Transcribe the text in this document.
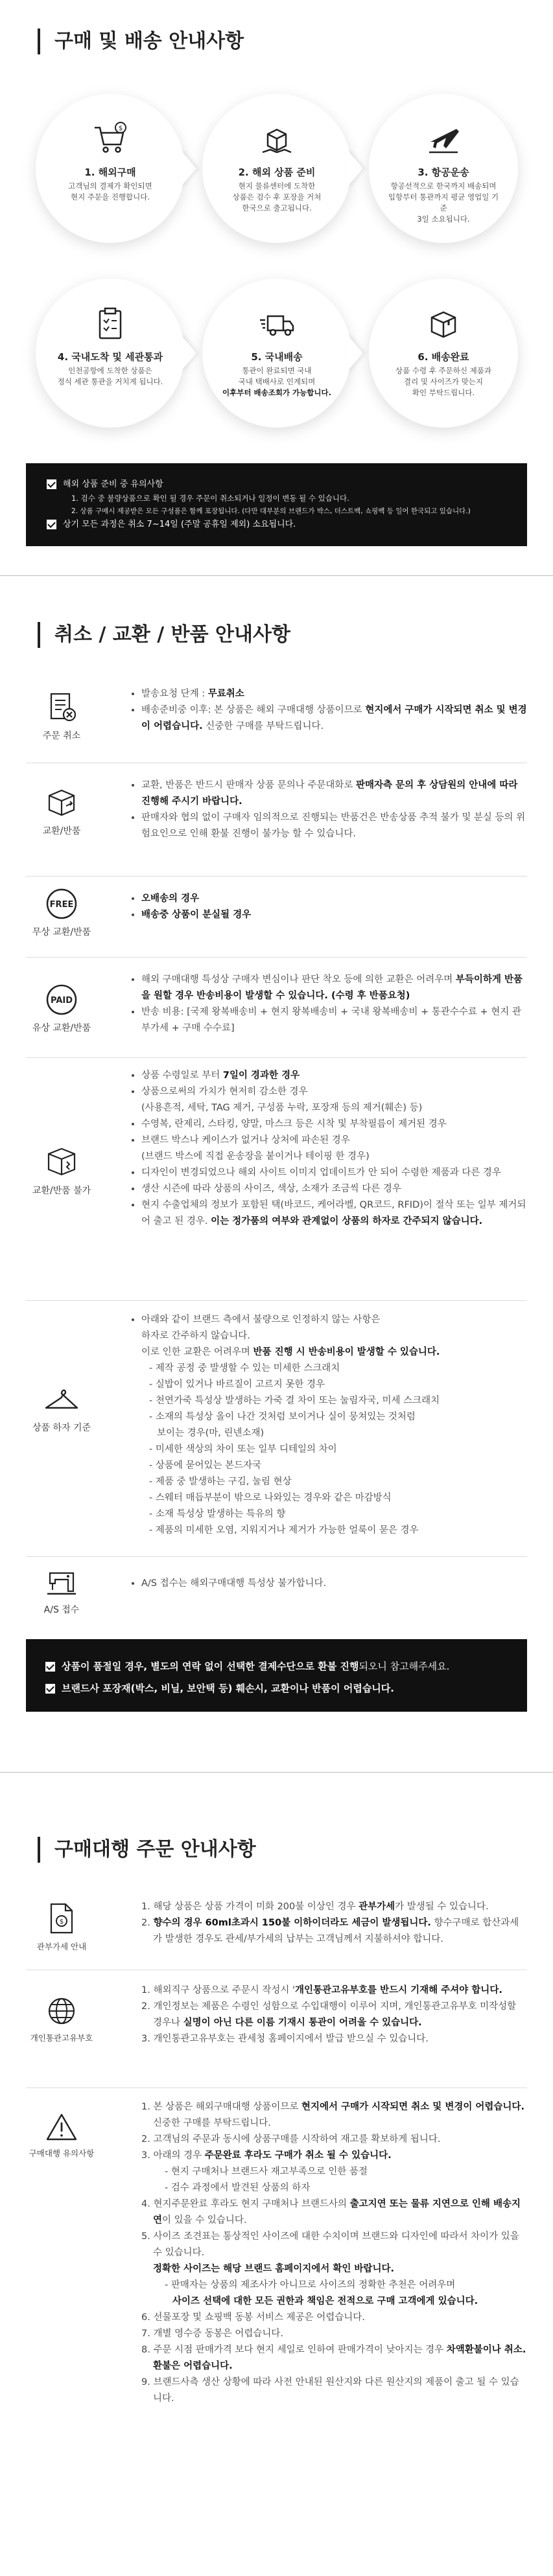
구매 및 배송 안내사항
$
1. 해외구매
고객님의 결제가 확인되면
현지 주문을 진행합니다.
2. 해외 상품 준비
현지 물류센터에 도착한
상품은 검수 후 포장을 거쳐
한국으로 출고됩니다.
3. 항공운송
항공선적으로 한국까지 배송되며
입항부터 통관까지 평균 영업일 기준
3일 소요됩니다.
4. 국내도착 및 세관통과
인천공항에 도착한 상품은
정식 세관 통관을 거치게 됩니다.
5. 국내배송
통관이 완료되면 국내
국내 택배사로 인계되며
이후부터 배송조회가 가능합니다.
6. 배송완료
상품 수령 후 주문하신 제품과
결리 및 사이즈가 맞는지
확인 부탁드립니다.
해외 상품 준비 중 유의사항
1. 검수 중 불량상품으로 확인 될 경우 주문이 취소되거나 일정이 변동 될 수 있습니다.
2. 상품 구매시 제공받은 모든 구성품은 함께 포장됩니다. (다만 대부분의 브랜드가 박스, 더스트백, 쇼핑백 등 일어 한국되고 있습니다.)
상기 모든 과정은 취소 7~14일 (주말 공휴일 제외) 소요됩니다.
취소 / 교환 / 반품 안내사항
주문 취소
• 발송요청 단계 : 무료취소
• 배송준비중 이후: 본 상품은 해외 구매대행 상품이므로 현지에서 구매가 시작되면 취소 및 변경이 어렵습니다. 신중한 구매를 부탁드립니다.
교환/반품
• 교환, 반품은 반드시 판매자 상품 문의나 주문대화로 판매자측 문의 후 상담원의 안내에 따라 진행해 주시기 바랍니다.
• 판매자와 협의 없이 구매자 임의적으로 진행되는 반품건은 반송상품 추적 불가 및 분실 등의 위험요인으로 인해 환불 진행이 불가능 할 수 있습니다.
FREE
무상 교환/반품
• 오배송의 경우
• 배송중 상품이 분실될 경우
PAID
유상 교환/반품
• 해외 구매대행 특성상 구매자 변심이나 판단 착오 등에 의한 교환은 어려우며 부득이하게 반품을 원할 경우 반송비용이 발생할 수 있습니다. (수령 후 반품요청)
• 반송 비용: [국제 왕복배송비 + 현지 왕복배송비 + 국내 왕복배송비 + 통관수수료 + 현지 관부가세 + 구매 수수료]
교환/반품 불가
• 상품 수령일로 부터 7일이 경과한 경우
• 상품으로써의 가치가 현저히 감소한 경우
(사용흔적, 세탁, TAG 제거, 구성품 누락, 포장재 등의 제거(훼손) 등)
• 수영복, 란제리, 스타킹, 양말, 마스크 등은 시착 및 부착필름이 제거된 경우
• 브랜드 박스나 케이스가 없거나 상처에 파손된 경우
(브랜드 박스에 직접 운송장을 붙이거나 테이핑 한 경우)
• 디자인이 변경되었으나 해외 사이트 이미지 업데이트가 안 되어 수령한 제품과 다른 경우
• 생산 시즌에 따라 상품의 사이즈, 색상, 소재가 조금씩 다른 경우
• 현지 수출업체의 정보가 포함된 택(바코드, 케어라벨, QR코드, RFID)이 절삭 또는 일부 제거되어 출고 된 경우. 이는 정가품의 여부와 관계없이 상품의 하자로 간주되지 않습니다.
상품 하자 기준
• 아래와 같이 브랜드 측에서 불량으로 인정하지 않는 사항은
하자로 간주하지 않습니다.
이로 인한 교환은 어려우며 반품 진행 시 반송비용이 발생할 수 있습니다.
- 제작 공정 중 발생할 수 있는 미세한 스크래치
- 실밥이 있거나 바르질이 고르지 못한 경우
- 천연가죽 특성상 발생하는 가죽 결 차이 또는 눌림자국, 미세 스크래치
- 소재의 특성상 올이 나간 것처럼 보이거나 실이 뭉쳐있는 것처럼
보이는 경우(마, 린넨소재)
- 미세한 색상의 차이 또는 일부 디테일의 차이
- 상품에 묻어있는 본드자국
- 제품 중 발생하는 구김, 눌림 현상
- 스웨터 매듭부분이 밖으로 나와있는 경우와 같은 마감방식
- 소재 특성상 발생하는 특유의 향
- 제품의 미세한 오염, 지워지거나 제거가 가능한 얼룩이 묻은 경우
A/S 접수
• A/S 접수는 해외구매대행 특성상 불가합니다.
상품이 품절일 경우, 별도의 연락 없이 선택한 결제수단으로 환불 진행되오니 참고해주세요.
브랜드사 포장재(박스, 비닐, 보안택 등) 훼손시, 교환이나 반품이 어렵습니다.
구매대행 주문 안내사항
$
관부가세 안내
1. 해당 상품은 상품 가격이 미화 200불 이상인 경우 관부가세가 발생될 수 있습니다.
2. 향수의 경우 60ml초과시 150불 이하이더라도 세금이 발생됩니다. 향수구매로 합산과세가 발생한 경우도 관세/부가세의 납부는 고객님께서 지불하셔야 합니다.
개인통관고유부호
1. 해외직구 상품으로 주문시 작성시 '개인통관고유부호를 반드시 기재해 주셔야 합니다.
2. 개인정보는 제품은 수령인 성함으로 수입대행이 이루어 지며, 개인통관고유부호 미작성할 경우나 실명이 아닌 다른 이름 기재시 통관이 어려울 수 있습니다.
3. 개인통관고유부호는 관세청 홈페이지에서 발급 받으실 수 있습니다.
구매대행 유의사항
1. 본 상품은 해외구매대행 상품이므로 현지에서 구매가 시작되면 취소 및 변경이 어렵습니다. 신중한 구매를 부탁드립니다.
2. 고객님의 주문과 동시에 상품구매를 시작하여 재고를 확보하게 됩니다.
3. 아래의 경우 주문완료 후라도 구매가 취소 될 수 있습니다.
- 현지 구매처나 브랜드사 재고부족으로 인한 품절
- 검수 과정에서 발견된 상품의 하자
4. 현지주문완료 후라도 현지 구매처나 브랜드사의 출고지연 또는 물류 지연으로 인해 배송지연이 있을 수 있습니다.
5. 사이즈 조견표는 통상적인 사이즈에 대한 수치이며 브랜드와 디자인에 따라서 차이가 있을 수 있습니다.
정확한 사이즈는 해당 브랜드 홈페이지에서 확인 바랍니다.
- 판매자는 상품의 제조사가 아니므로 사이즈의 정확한 추천은 어려우며
사이즈 선택에 대한 모든 권한과 책임은 전적으로 구매 고객에게 있습니다.
6. 선물포장 및 쇼핑백 동봉 서비스 제공은 어렵습니다.
7. 개별 영수증 동봉은 어렵습니다.
8. 주문 시점 판매가격 보다 현지 세일로 인하여 판매가격이 낮아지는 경우 차액환불이나 취소.환불은 어렵습니다.
9. 브랜드사측 생산 상황에 따라 사전 안내된 원산지와 다른 원산지의 제품이 출고 될 수 있습니다.
